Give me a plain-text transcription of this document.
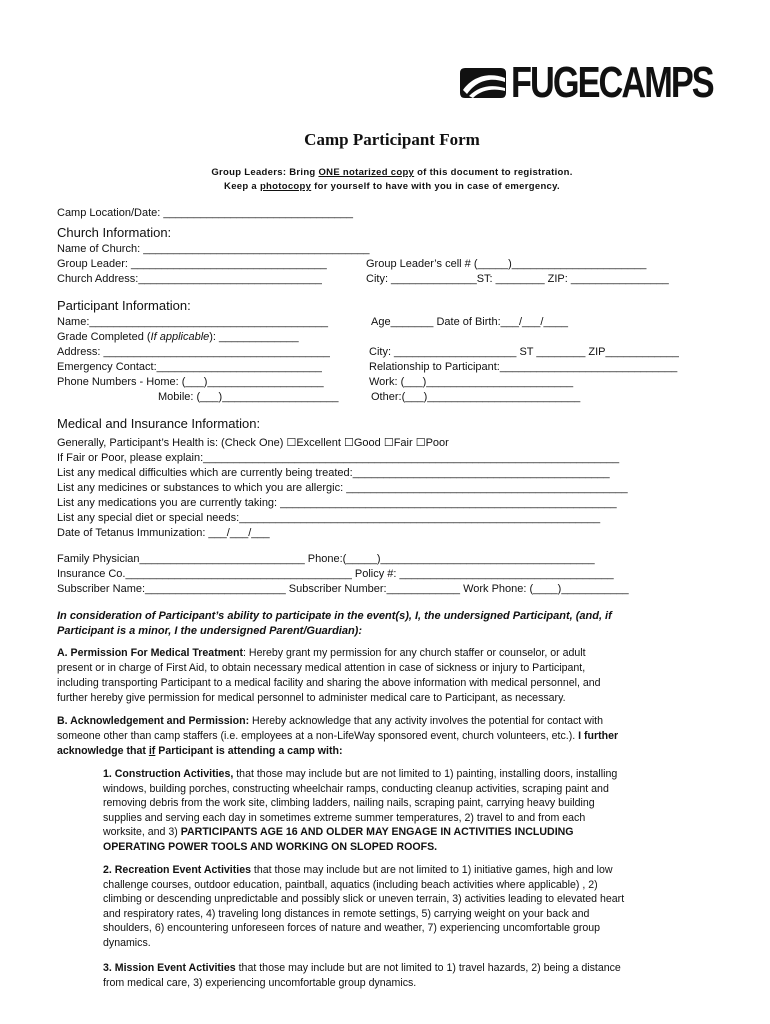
FUGECAMPS
Camp Participant Form
Group Leaders: Bring ONE notarized copy of this document to registration.
Keep a photocopy for yourself to have with you in case of emergency.
Camp Location/Date: _______________________________
Church Information:
Name of Church: _____________________________________
Group Leader: ________________________________	Group Leader’s cell # (_____)______________________
Church Address:______________________________	City: ______________ST: ________ ZIP: ________________
Participant Information:
Name:_______________________________________	Age_______ Date of Birth:___/___/____
Grade Completed (If applicable): _____________
Address: _____________________________________	City: ____________________ ST ________ ZIP____________
Emergency Contact:___________________________	Relationship to Participant:_____________________________
Phone Numbers - Home: (___)___________________	Work: (___)________________________
Mobile: (___)___________________	Other:(___)_________________________
Medical and Insurance Information:
Generally, Participant’s Health is: (Check One) ☐Excellent ☐Good ☐Fair ☐Poor
If Fair or Poor, please explain:____________________________________________________________________
List any medical difficulties which are currently being treated:__________________________________________
List any medicines or substances to which you are allergic: ______________________________________________
List any medications you are currently taking: _______________________________________________________
List any special diet or special needs:___________________________________________________________
Date of Tetanus Immunization: ___/___/___
Family Physician___________________________ Phone:(_____)___________________________________
Insurance Co._____________________________________ Policy #: ___________________________________
Subscriber Name:_______________________ Subscriber Number:____________ Work Phone: (____)___________
In consideration of Participant’s ability to participate in the event(s), I, the undersigned Participant, (and, if
Participant is a minor, I the undersigned Parent/Guardian):
A. Permission For Medical Treatment: Hereby grant my permission for any church staffer or counselor, or adult
present or in charge of First Aid, to obtain necessary medical attention in case of sickness or injury to Participant,
including transporting Participant to a medical facility and sharing the above information with medical personnel, and
further hereby give permission for medical personnel to administer medical care to Participant, as necessary.
B. Acknowledgement and Permission: Hereby acknowledge that any activity involves the potential for contact with
someone other than camp staffers (i.e. employees at a non-LifeWay sponsored event, church volunteers, etc.). I further
acknowledge that if Participant is attending a camp with:
1. Construction Activities, that those may include but are not limited to 1) painting, installing doors, installing
windows, building porches, constructing wheelchair ramps, conducting cleanup activities, scraping paint and
removing debris from the work site, climbing ladders, nailing nails, scraping paint, carrying heavy building
supplies and serving each day in sometimes extreme summer temperatures, 2) travel to and from each
worksite, and 3) PARTICIPANTS AGE 16 AND OLDER MAY ENGAGE IN ACTIVITIES INCLUDING
OPERATING POWER TOOLS AND WORKING ON SLOPED ROOFS.
2. Recreation Event Activities that those may include but are not limited to 1) initiative games, high and low
challenge courses, outdoor education, paintball, aquatics (including beach activities where applicable) , 2)
climbing or descending unpredictable and possibly slick or uneven terrain, 3) activities leading to elevated heart
and respiratory rates, 4) traveling long distances in remote settings, 5) carrying weight on your back and
shoulders, 6) encountering unforeseen forces of nature and weather, 7) experiencing uncomfortable group
dynamics.
3. Mission Event Activities that those may include but are not limited to 1) travel hazards, 2) being a distance
from medical care, 3) experiencing uncomfortable group dynamics.
